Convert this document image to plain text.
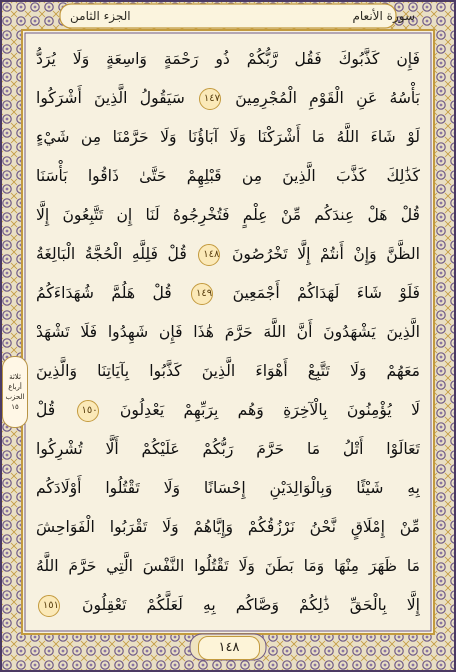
الجزء الثامن	سورة الأنعام
فَإِن كَذَّبُوكَ فَقُل رَّبُّكُمْ ذُو رَحْمَةٍ وَاسِعَةٍ وَلَا يُرَدُّ
بَأْسُهُ عَنِ الْقَوْمِ الْمُجْرِمِينَ ١٤٧ سَيَقُولُ الَّذِينَ أَشْرَكُوا
لَوْ شَاءَ اللَّهُ مَا أَشْرَكْنَا وَلَا آبَاؤُنَا وَلَا حَرَّمْنَا مِن شَيْءٍ
كَذَٰلِكَ كَذَّبَ الَّذِينَ مِن قَبْلِهِمْ حَتَّىٰ ذَاقُوا بَأْسَنَا
قُلْ هَلْ عِندَكُم مِّنْ عِلْمٍ فَتُخْرِجُوهُ لَنَا إِن تَتَّبِعُونَ إِلَّا
الظَّنَّ وَإِنْ أَنتُمْ إِلَّا تَخْرُصُونَ ١٤٨ قُلْ فَلِلَّهِ الْحُجَّةُ الْبَالِغَةُ
فَلَوْ شَاءَ لَهَدَاكُمْ أَجْمَعِينَ ١٤٩ قُلْ هَلُمَّ شُهَدَاءَكُمُ
الَّذِينَ يَشْهَدُونَ أَنَّ اللَّهَ حَرَّمَ هَٰذَا فَإِن شَهِدُوا فَلَا تَشْهَدْ
مَعَهُمْ وَلَا تَتَّبِعْ أَهْوَاءَ الَّذِينَ كَذَّبُوا بِآيَاتِنَا وَالَّذِينَ
لَا يُؤْمِنُونَ بِالْآخِرَةِ وَهُم بِرَبِّهِمْ يَعْدِلُونَ ١٥٠ قُلْ
تَعَالَوْا أَتْلُ مَا حَرَّمَ رَبُّكُمْ عَلَيْكُمْ أَلَّا تُشْرِكُوا
بِهِ شَيْئًا وَبِالْوَالِدَيْنِ إِحْسَانًا وَلَا تَقْتُلُوا أَوْلَادَكُم
مِّنْ إِمْلَاقٍ نَّحْنُ نَرْزُقُكُمْ وَإِيَّاهُمْ وَلَا تَقْرَبُوا الْفَوَاحِشَ
مَا ظَهَرَ مِنْهَا وَمَا بَطَنَ وَلَا تَقْتُلُوا النَّفْسَ الَّتِي حَرَّمَ اللَّهُ
إِلَّا بِالْحَقِّ ذَٰلِكُمْ وَصَّاكُم بِهِ لَعَلَّكُمْ تَعْقِلُونَ ١٥١
ثلاثة أرباع
الحزب
١٥
١٤٨
